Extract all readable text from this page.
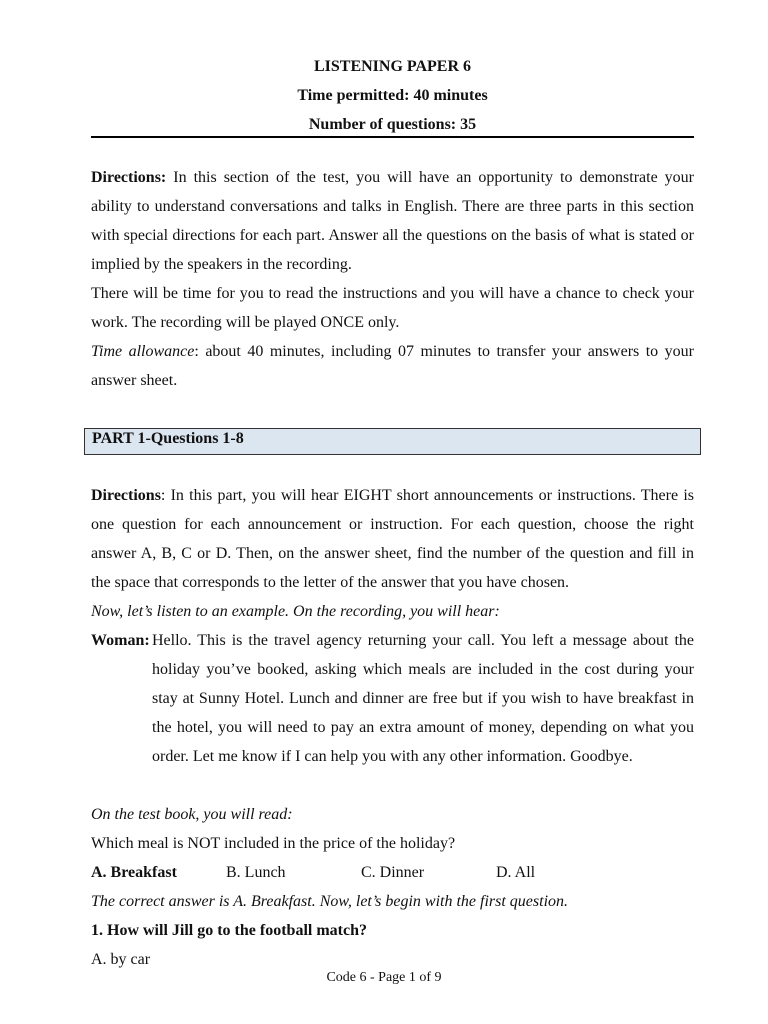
LISTENING PAPER 6
Time permitted: 40 minutes
Number of questions: 35
Directions: In this section of the test, you will have an opportunity to demonstrate your ability to understand conversations and talks in English. There are three parts in this section with special directions for each part. Answer all the questions on the basis of what is stated or implied by the speakers in the recording.
There will be time for you to read the instructions and you will have a chance to check your work. The recording will be played ONCE only.
Time allowance: about 40 minutes, including 07 minutes to transfer your answers to your answer sheet.
PART 1-Questions 1-8
Directions: In this part, you will hear EIGHT short announcements or instructions. There is one question for each announcement or instruction. For each question, choose the right answer A, B, C or D. Then, on the answer sheet, find the number of the question and fill in the space that corresponds to the letter of the answer that you have chosen.
Now, let’s listen to an example. On the recording, you will hear:
Woman: Hello. This is the travel agency returning your call. You left a message about the holiday you’ve booked, asking which meals are included in the cost during your stay at Sunny Hotel. Lunch and dinner are free but if you wish to have breakfast in the hotel, you will need to pay an extra amount of money, depending on what you order. Let me know if I can help you with any other information. Goodbye.
On the test book, you will read:
Which meal is NOT included in the price of the holiday?
A. Breakfast	B. Lunch	C. Dinner	D. All
The correct answer is A. Breakfast. Now, let’s begin with the first question.
1. How will Jill go to the football match?
A. by car
Code 6 - Page 1 of 9
